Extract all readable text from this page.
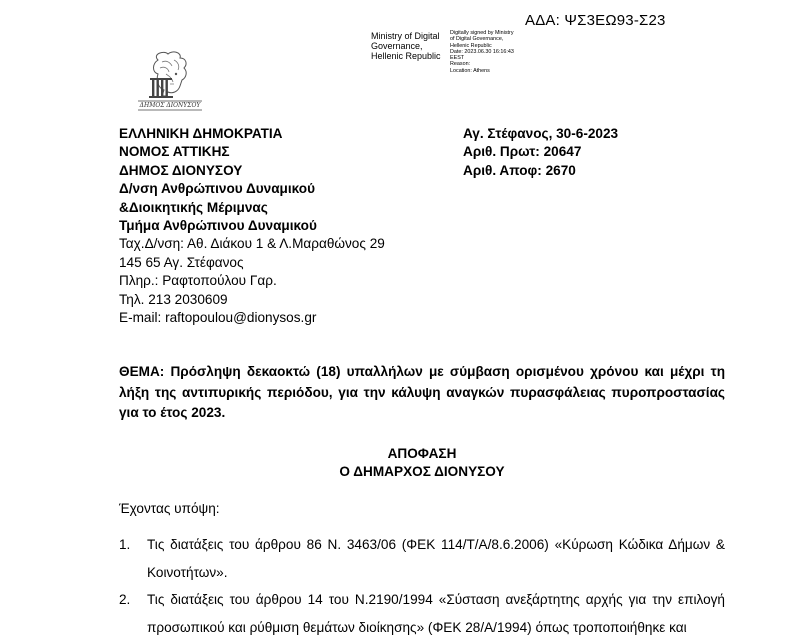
ΑΔΑ: ΨΣ3ΕΩ93-Σ23
Ministry of Digital
Governance,
Hellenic Republic
Digitally signed by Ministry
of Digital Governance,
Hellenic Republic
Date: 2023.06.30 16:16:43
EEST
Reason:
Location: Athens
ΔΗΜΟΣ ΔΙΟΝΥΣΟΥ
ΕΛΛΗΝΙΚΗ ΔΗΜΟΚΡΑΤΙΑ
ΝΟΜΟΣ ΑΤΤΙΚΗΣ
ΔΗΜΟΣ ΔΙΟΝΥΣΟΥ
Δ/νση Ανθρώπινου Δυναμικού
&Διοικητικής Μέριμνας
Τμήμα Ανθρώπινου Δυναμικού
Ταχ.Δ/νση: Αθ. Διάκου 1 & Λ.Μαραθώνος 29
145 65 Αγ. Στέφανος
Πληρ.: Ραφτοπούλου Γαρ.
Τηλ. 213 2030609
E-mail: raftopoulou@dionysos.gr
Αγ. Στέφανος, 30-6-2023
Αριθ. Πρωτ: 20647
Αριθ. Αποφ: 2670
ΘΕΜΑ: Πρόσληψη δεκαοκτώ (18) υπαλλήλων με σύμβαση ορισμένου χρόνου και μέχρι τη λήξη της αντιπυρικής περιόδου, για την κάλυψη αναγκών πυρασφάλειας πυροπροστασίας για το έτος 2023.
ΑΠΟΦΑΣΗ
Ο ΔΗΜΑΡΧΟΣ ΔΙΟΝΥΣΟΥ
Έχοντας υπόψη:
1.	Τις διατάξεις του άρθρου 86 Ν. 3463/06 (ΦΕΚ 114/Τ/Α/8.6.2006) «Κύρωση Κώδικα Δήμων &
Κοινοτήτων».
2.	Τις διατάξεις του άρθρου 14 του Ν.2190/1994 «Σύσταση ανεξάρτητης αρχής για την επιλογή
προσωπικού και ρύθμιση θεμάτων διοίκησης» (ΦΕΚ 28/Α/1994) όπως τροποποιήθηκε και
